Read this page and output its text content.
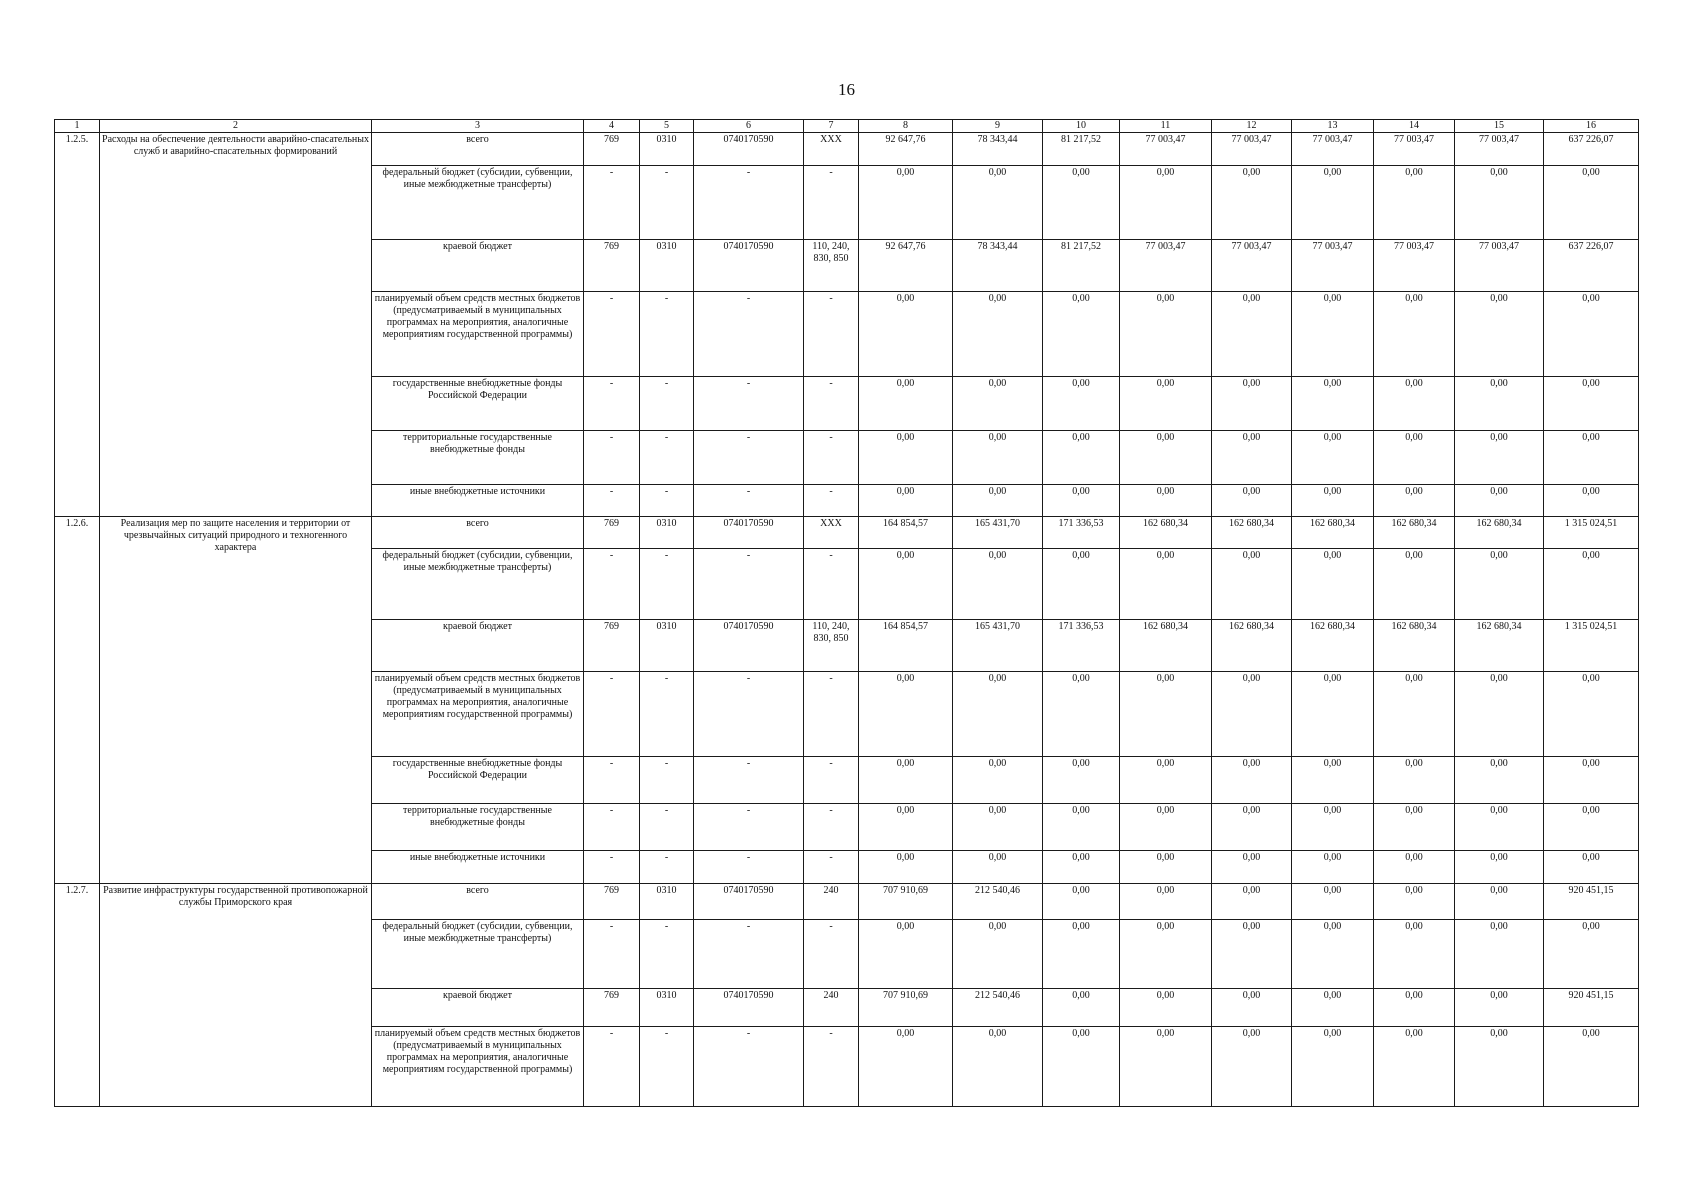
16
1	2	3	4	5	6	7	8	9	10	11	12	13	14	15	16
1.2.5.	Расходы на обеспечение деятельности аварийно-спасательных служб и аварийно-спасательных формирований	всего	769	0310	0740170590	ХХХ	92 647,76	78 343,44	81 217,52	77 003,47	77 003,47	77 003,47	77 003,47	77 003,47	637 226,07
		федеральный бюджет (субсидии, субвенции, иные межбюджетные трансферты)	-	-	-	-	0,00	0,00	0,00	0,00	0,00	0,00	0,00	0,00	0,00
		краевой бюджет	769	0310	0740170590	110, 240, 830, 850	92 647,76	78 343,44	81 217,52	77 003,47	77 003,47	77 003,47	77 003,47	77 003,47	637 226,07
		планируемый объем средств местных бюджетов (предусматриваемый в муниципальных программах на мероприятия, аналогичные мероприятиям государственной программы)	-	-	-	-	0,00	0,00	0,00	0,00	0,00	0,00	0,00	0,00	0,00
		государственные внебюджетные фонды Российской Федерации	-	-	-	-	0,00	0,00	0,00	0,00	0,00	0,00	0,00	0,00	0,00
		территориальные государственные внебюджетные фонды	-	-	-	-	0,00	0,00	0,00	0,00	0,00	0,00	0,00	0,00	0,00
		иные внебюджетные источники	-	-	-	-	0,00	0,00	0,00	0,00	0,00	0,00	0,00	0,00	0,00
1.2.6.	Реализация мер по защите населения и территории от чрезвычайных ситуаций природного и техногенного характера	всего	769	0310	0740170590	ХХХ	164 854,57	165 431,70	171 336,53	162 680,34	162 680,34	162 680,34	162 680,34	162 680,34	1 315 024,51
		федеральный бюджет (субсидии, субвенции, иные межбюджетные трансферты)	-	-	-	-	0,00	0,00	0,00	0,00	0,00	0,00	0,00	0,00	0,00
		краевой бюджет	769	0310	0740170590	110, 240, 830, 850	164 854,57	165 431,70	171 336,53	162 680,34	162 680,34	162 680,34	162 680,34	162 680,34	1 315 024,51
		планируемый объем средств местных бюджетов (предусматриваемый в муниципальных программах на мероприятия, аналогичные мероприятиям государственной программы)	-	-	-	-	0,00	0,00	0,00	0,00	0,00	0,00	0,00	0,00	0,00
		государственные внебюджетные фонды Российской Федерации	-	-	-	-	0,00	0,00	0,00	0,00	0,00	0,00	0,00	0,00	0,00
		территориальные государственные внебюджетные фонды	-	-	-	-	0,00	0,00	0,00	0,00	0,00	0,00	0,00	0,00	0,00
		иные внебюджетные источники	-	-	-	-	0,00	0,00	0,00	0,00	0,00	0,00	0,00	0,00	0,00
1.2.7.	Развитие инфраструктуры государственной противопожарной службы Приморского края	всего	769	0310	0740170590	240	707 910,69	212 540,46	0,00	0,00	0,00	0,00	0,00	0,00	920 451,15
		федеральный бюджет (субсидии, субвенции, иные межбюджетные трансферты)	-	-	-	-	0,00	0,00	0,00	0,00	0,00	0,00	0,00	0,00	0,00
		краевой бюджет	769	0310	0740170590	240	707 910,69	212 540,46	0,00	0,00	0,00	0,00	0,00	0,00	920 451,15
		планируемый объем средств местных бюджетов (предусматриваемый в муниципальных программах на мероприятия, аналогичные мероприятиям государственной программы)	-	-	-	-	0,00	0,00	0,00	0,00	0,00	0,00	0,00	0,00	0,00
